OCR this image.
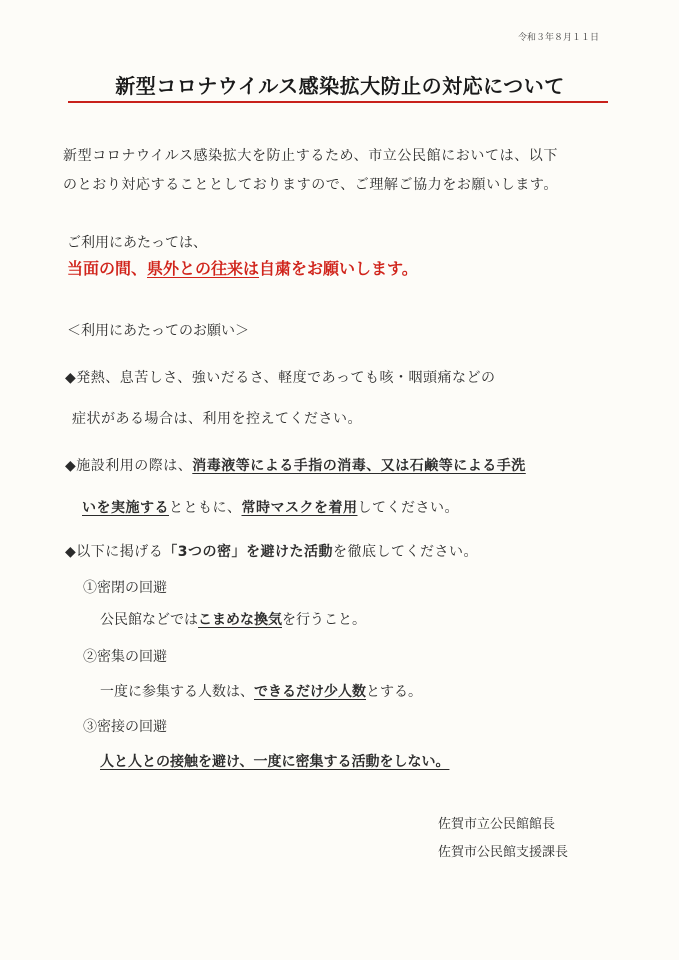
令和３年８月１１日
新型コロナウイルス感染拡大防止の対応について
新型コロナウイルス感染拡大を防止するため、市立公民館においては、以下
のとおり対応することとしておりますので、ご理解ご協力をお願いします。
ご利用にあたっては、
当面の間、県外との往来は自粛をお願いします。
＜利用にあたってのお願い＞
◆発熱、息苦しさ、強いだるさ、軽度であっても咳・咽頭痛などの
症状がある場合は、利用を控えてください。
◆施設利用の際は、消毒液等による手指の消毒、又は石鹸等による手洗
いを実施するとともに、常時マスクを着用してください。
◆以下に掲げる「3つの密」を避けた活動を徹底してください。
①密閉の回避
公民館などではこまめな換気を行うこと。
②密集の回避
一度に参集する人数は、できるだけ少人数とする。
③密接の回避
人と人との接触を避け、一度に密集する活動をしない。
佐賀市立公民館館長
佐賀市公民館支援課長
